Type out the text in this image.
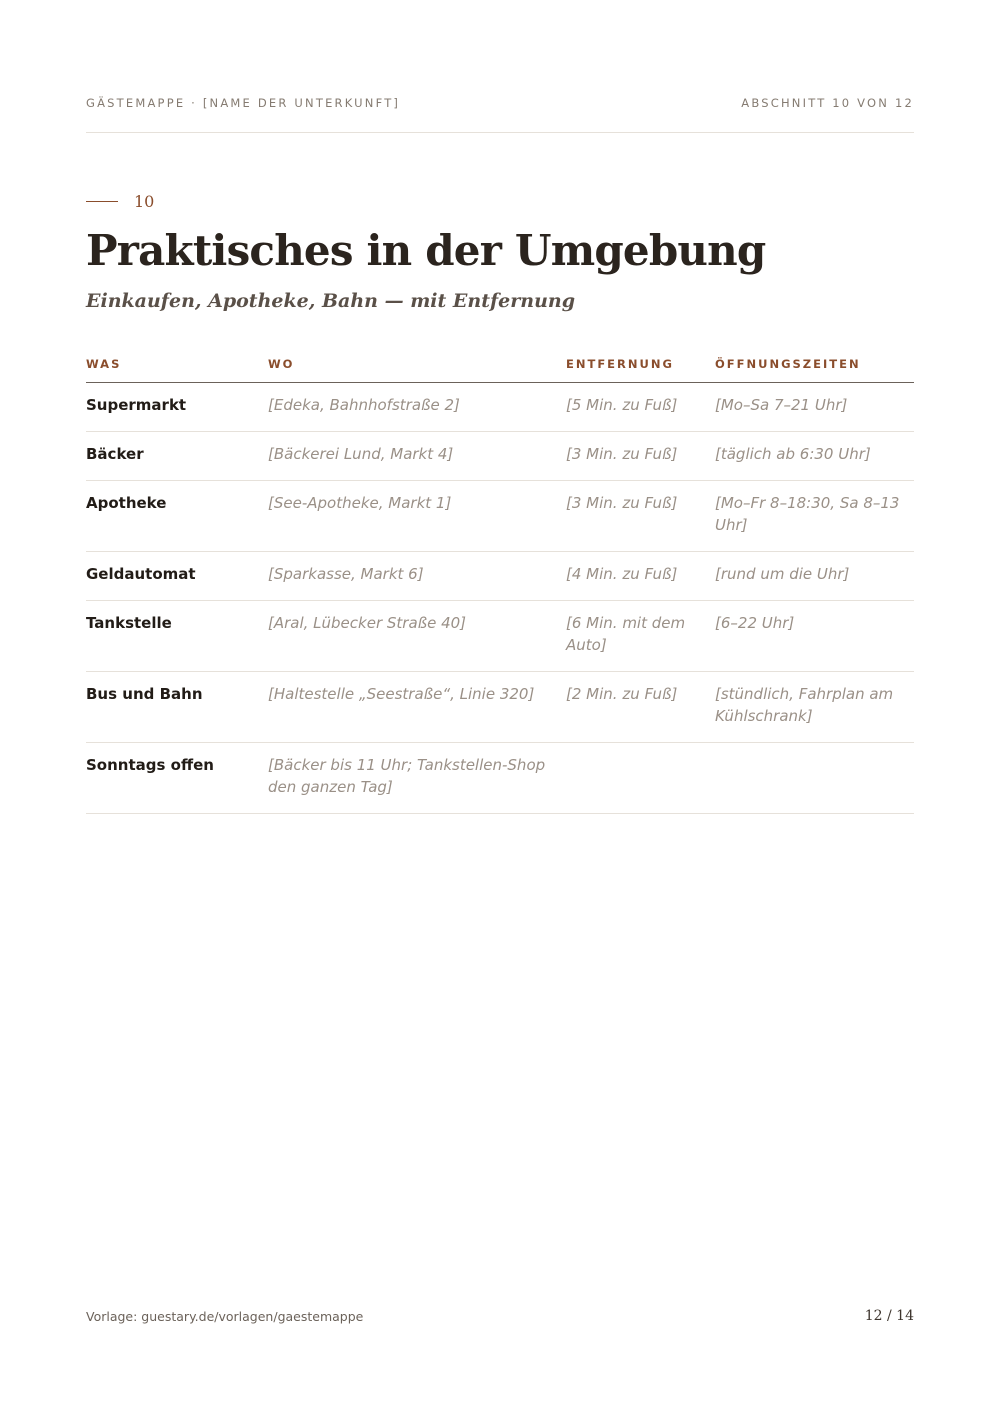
GÄSTEMAPPE · [NAME DER UNTERKUNFT]	ABSCHNITT 10 VON 12
10
Praktisches in der Umgebung

Einkaufen, Apotheke, Bahn — mit Entfernung

WAS	WO	ENTFERNUNG	ÖFFNUNGSZEITEN
Supermarkt	[Edeka, Bahnhofstraße 2]	[5 Min. zu Fuß]	[Mo–Sa 7–21 Uhr]
Bäcker	[Bäckerei Lund, Markt 4]	[3 Min. zu Fuß]	[täglich ab 6:30 Uhr]
Apotheke	[See-Apotheke, Markt 1]	[3 Min. zu Fuß]	[Mo–Fr 8–18:30, Sa 8–13 Uhr]
Geldautomat	[Sparkasse, Markt 6]	[4 Min. zu Fuß]	[rund um die Uhr]
Tankstelle	[Aral, Lübecker Straße 40]	[6 Min. mit dem Auto]	[6–22 Uhr]
Bus und Bahn	[Haltestelle „Seestraße“, Linie 320]	[2 Min. zu Fuß]	[stündlich, Fahrplan am Kühlschrank]
Sonntags offen	[Bäcker bis 11 Uhr; Tankstellen-Shop den ganzen Tag]		
Vorlage: guestary.de/vorlagen/gaestemappe	12 / 14
